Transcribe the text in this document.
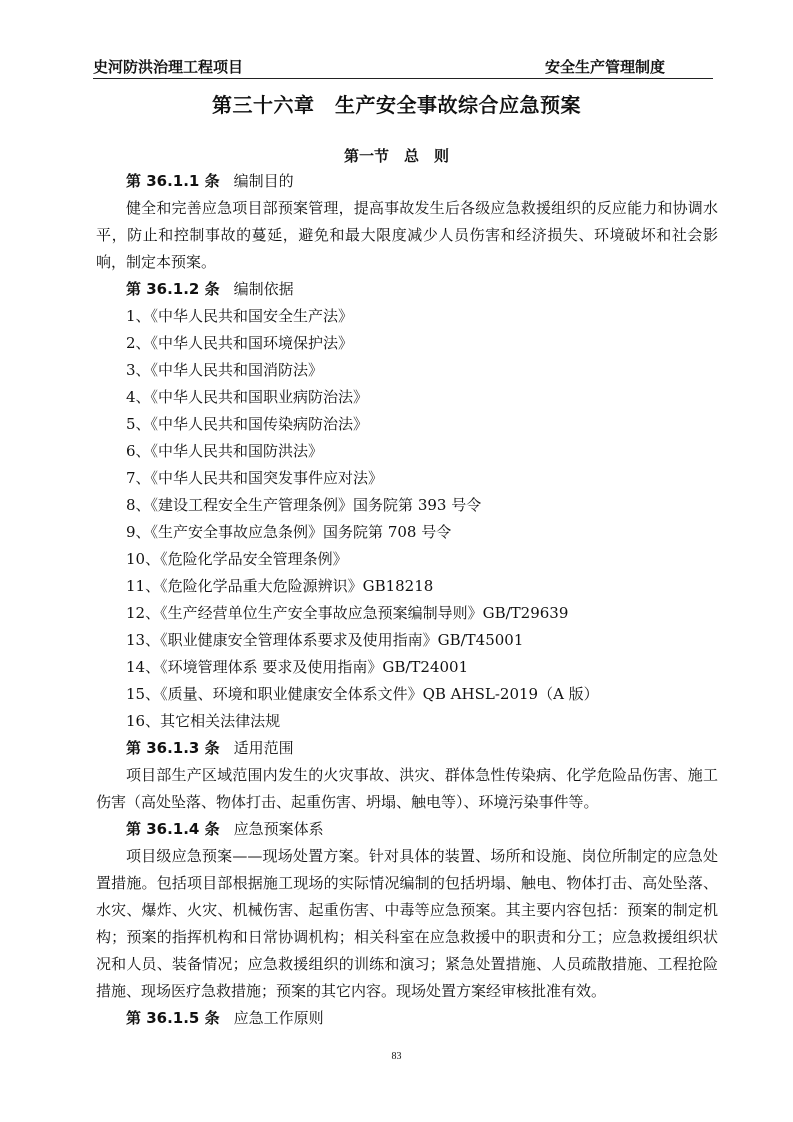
史河防洪治理工程项目	安全生产管理制度
第三十六章　生产安全事故综合应急预案
第一节　总　则
第 36.1.1 条 编制目的

健全和完善应急项目部预案管理，提高事故发生后各级应急救援组织的反应能力和协调水平，防止和控制事故的蔓延，避免和最大限度减少人员伤害和经济损失、环境破坏和社会影响，制定本预案。

第 36.1.2 条 编制依据
1、《中华人民共和国安全生产法》
2、《中华人民共和国环境保护法》
3、《中华人民共和国消防法》
4、《中华人民共和国职业病防治法》
5、《中华人民共和国传染病防治法》
6、《中华人民共和国防洪法》
7、《中华人民共和国突发事件应对法》
8、《建设工程安全生产管理条例》国务院第 393 号令
9、《生产安全事故应急条例》国务院第 708 号令
10、《危险化学品安全管理条例》
11、《危险化学品重大危险源辨识》GB18218
12、《生产经营单位生产安全事故应急预案编制导则》GB/T29639
13、《职业健康安全管理体系要求及使用指南》GB/T45001
14、《环境管理体系 要求及使用指南》GB/T24001
15、《质量、环境和职业健康安全体系文件》QB AHSL-2019（A 版）
16、其它相关法律法规
第 36.1.3 条 适用范围

项目部生产区域范围内发生的火灾事故、洪灾、群体急性传染病、化学危险品伤害、施工伤害（高处坠落、物体打击、起重伤害、坍塌、触电等）、环境污染事件等。

第 36.1.4 条 应急预案体系

项目级应急预案——现场处置方案。针对具体的装置、场所和设施、岗位所制定的应急处置措施。包括项目部根据施工现场的实际情况编制的包括坍塌、触电、物体打击、高处坠落、水灾、爆炸、火灾、机械伤害、起重伤害、中毒等应急预案。其主要内容包括：预案的制定机构；预案的指挥机构和日常协调机构；相关科室在应急救援中的职责和分工；应急救援组织状况和人员、装备情况；应急救援组织的训练和演习；紧急处置措施、人员疏散措施、工程抢险措施、现场医疗急救措施；预案的其它内容。现场处置方案经审核批准有效。

第 36.1.5 条 应急工作原则
83
